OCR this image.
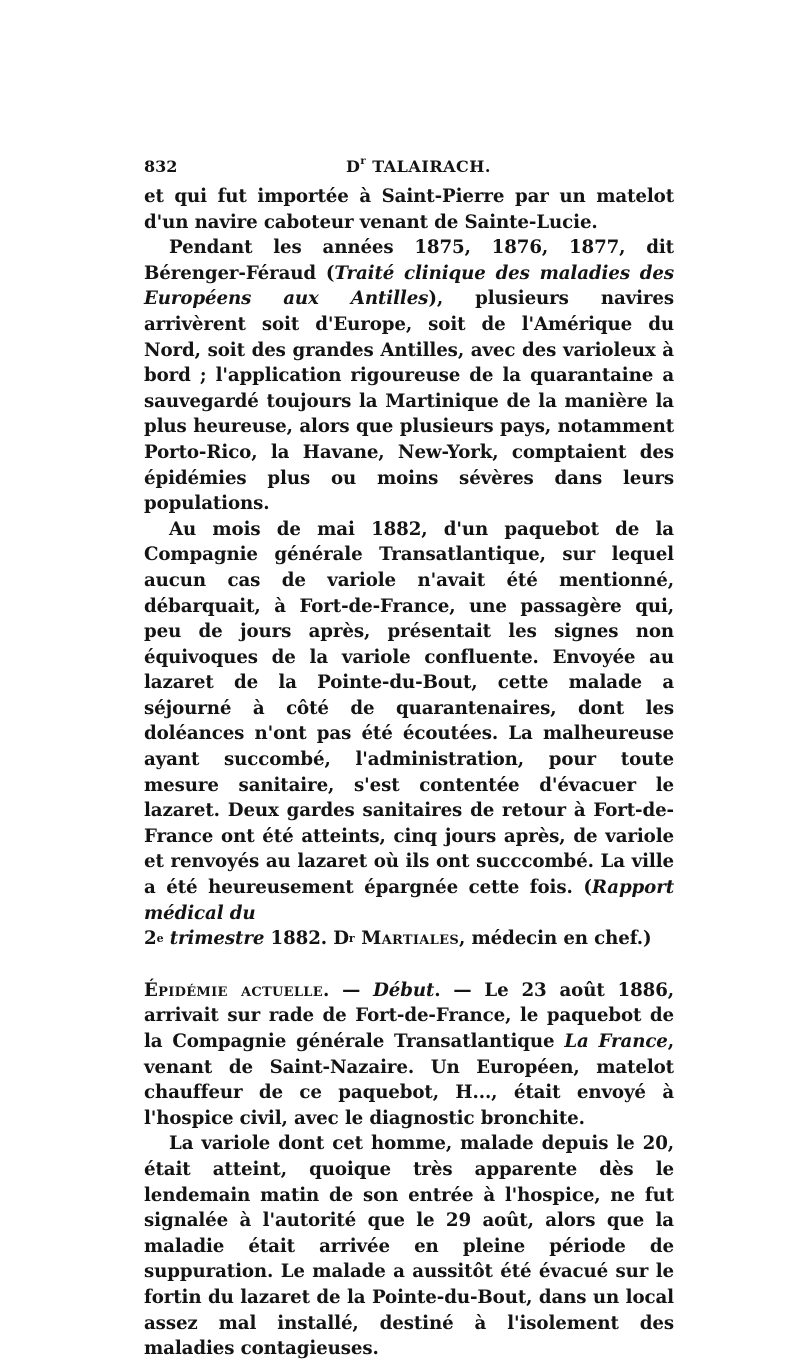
832	$D^r$ TALAIRACH.

et qui fut importée à Saint-Pierre par un matelot d'un navire caboteur venant de Sainte-Lucie.

Pendant les années 1875, 1876, 1877, dit Bérenger-Féraud (Traité clinique des maladies des Européens aux Antilles), plusieurs navires arrivèrent soit d'Europe, soit de l'Amérique du Nord, soit des grandes Antilles, avec des varioleux à bord ; l'application rigoureuse de la quarantaine a sauvegardé toujours la Martinique de la manière la plus heureuse, alors que plusieurs pays, notamment Porto-Rico, la Havane, New-York, comptaient des épidémies plus ou moins sévères dans leurs populations.

Au mois de mai 1882, d'un paquebot de la Compagnie générale Transatlantique, sur lequel aucun cas de variole n'avait été mentionné, débarquait, à Fort-de-France, une passagère qui, peu de jours après, présentait les signes non équivoques de la variole confluente. Envoyée au lazaret de la Pointe-du-Bout, cette malade a séjourné à côté de quarantenaires, dont les doléances n'ont pas été écoutées. La malheureuse ayant succombé, l'administration, pour toute mesure sanitaire, s'est contentée d'évacuer le lazaret. Deux gardes sanitaires de retour à Fort-de-France ont été atteints, cinq jours après, de variole et renvoyés au lazaret où ils ont succcombé. La ville a été heureusement épargnée cette fois. (Rapport médical du
2e trimestre 1882. $D^r$ Martiales, médecin en chef.)

Épidémie actuelle. — Début. — Le 23 août 1886, arrivait sur rade de Fort-de-France, le paquebot de la Compagnie générale Transatlantique La France, venant de Saint-Nazaire. Un Européen, matelot chauffeur de ce paquebot, H..., était envoyé à l'hospice civil, avec le diagnostic bronchite.

La variole dont cet homme, malade depuis le 20, était atteint, quoique très apparente dès le lendemain matin de son entrée à l'hospice, ne fut signalée à l'autorité que le 29 août, alors que la maladie était arrivée en pleine période de suppuration. Le malade a aussitôt été évacué sur le fortin du lazaret de la Pointe-du-Bout, dans un local assez mal installé, destiné à l'isolement des maladies contagieuses.
